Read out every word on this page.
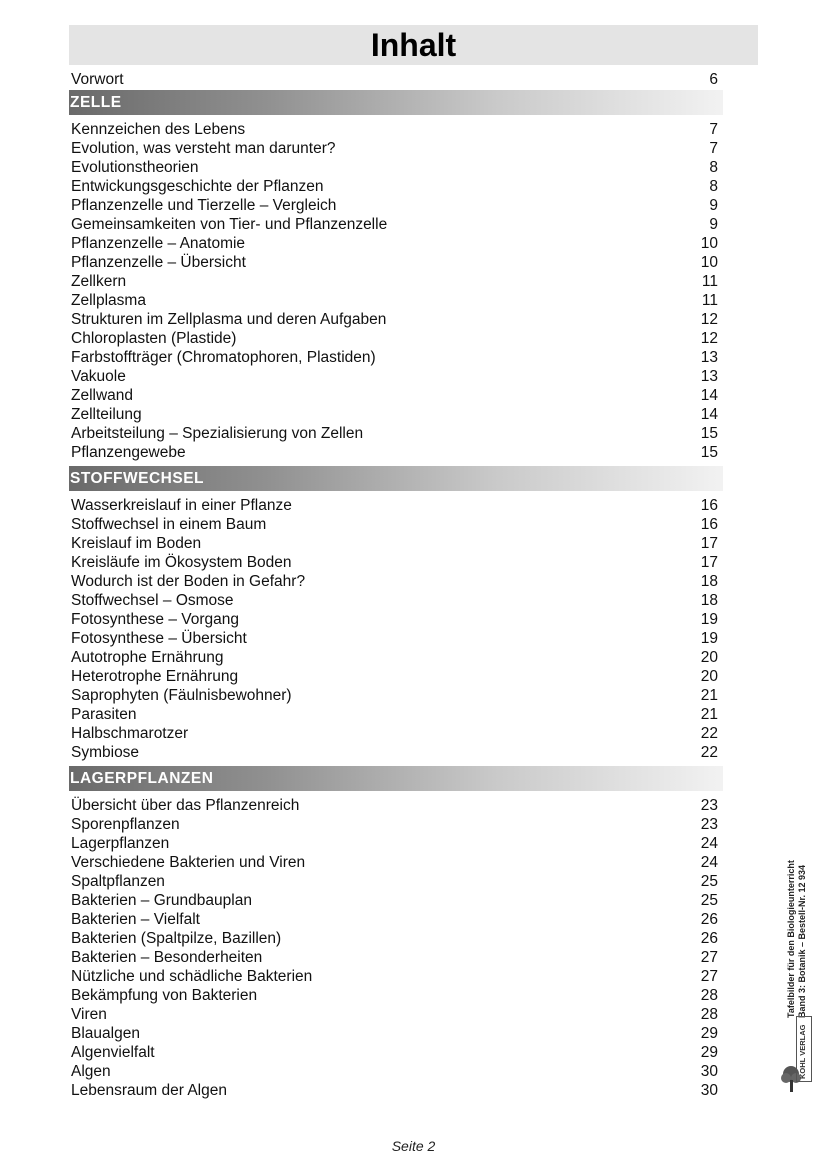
Inhalt
Vorwort	6
ZELLE
Kennzeichen des Lebens	7
Evolution, was versteht man darunter?	7
Evolutionstheorien	8
Entwickungsgeschichte der Pflanzen	8
Pflanzenzelle und Tierzelle – Vergleich	9
Gemeinsamkeiten von Tier- und Pflanzenzelle	9
Pflanzenzelle – Anatomie	10
Pflanzenzelle – Übersicht	10
Zellkern	11
Zellplasma	11
Strukturen im Zellplasma und deren Aufgaben	12
Chloroplasten (Plastide)	12
Farbstoffträger (Chromatophoren, Plastiden)	13
Vakuole	13
Zellwand	14
Zellteilung	14
Arbeitsteilung – Spezialisierung von Zellen	15
Pflanzengewebe	15
STOFFWECHSEL
Wasserkreislauf in einer Pflanze	16
Stoffwechsel in einem Baum	16
Kreislauf im Boden	17
Kreisläufe im Ökosystem Boden	17
Wodurch ist der Boden in Gefahr?	18
Stoffwechsel – Osmose	18
Fotosynthese – Vorgang	19
Fotosynthese – Übersicht	19
Autotrophe Ernährung	20
Heterotrophe Ernährung	20
Saprophyten (Fäulnisbewohner)	21
Parasiten	21
Halbschmarotzer	22
Symbiose	22
LAGERPFLANZEN
Übersicht über das Pflanzenreich	23
Sporenpflanzen	23
Lagerpflanzen	24
Verschiedene Bakterien und Viren	24
Spaltpflanzen	25
Bakterien – Grundbauplan	25
Bakterien – Vielfalt	26
Bakterien (Spaltpilze, Bazillen)	26
Bakterien – Besonderheiten	27
Nützliche und schädliche Bakterien	27
Bekämpfung von Bakterien	28
Viren	28
Blaualgen	29
Algenvielfalt	29
Algen	30
Lebensraum der Algen	30
Tafelbilder für den Biologieunterricht Band 3: Botanik – Bestell-Nr. 12 934
KOHL VERLAG
Seite 2
